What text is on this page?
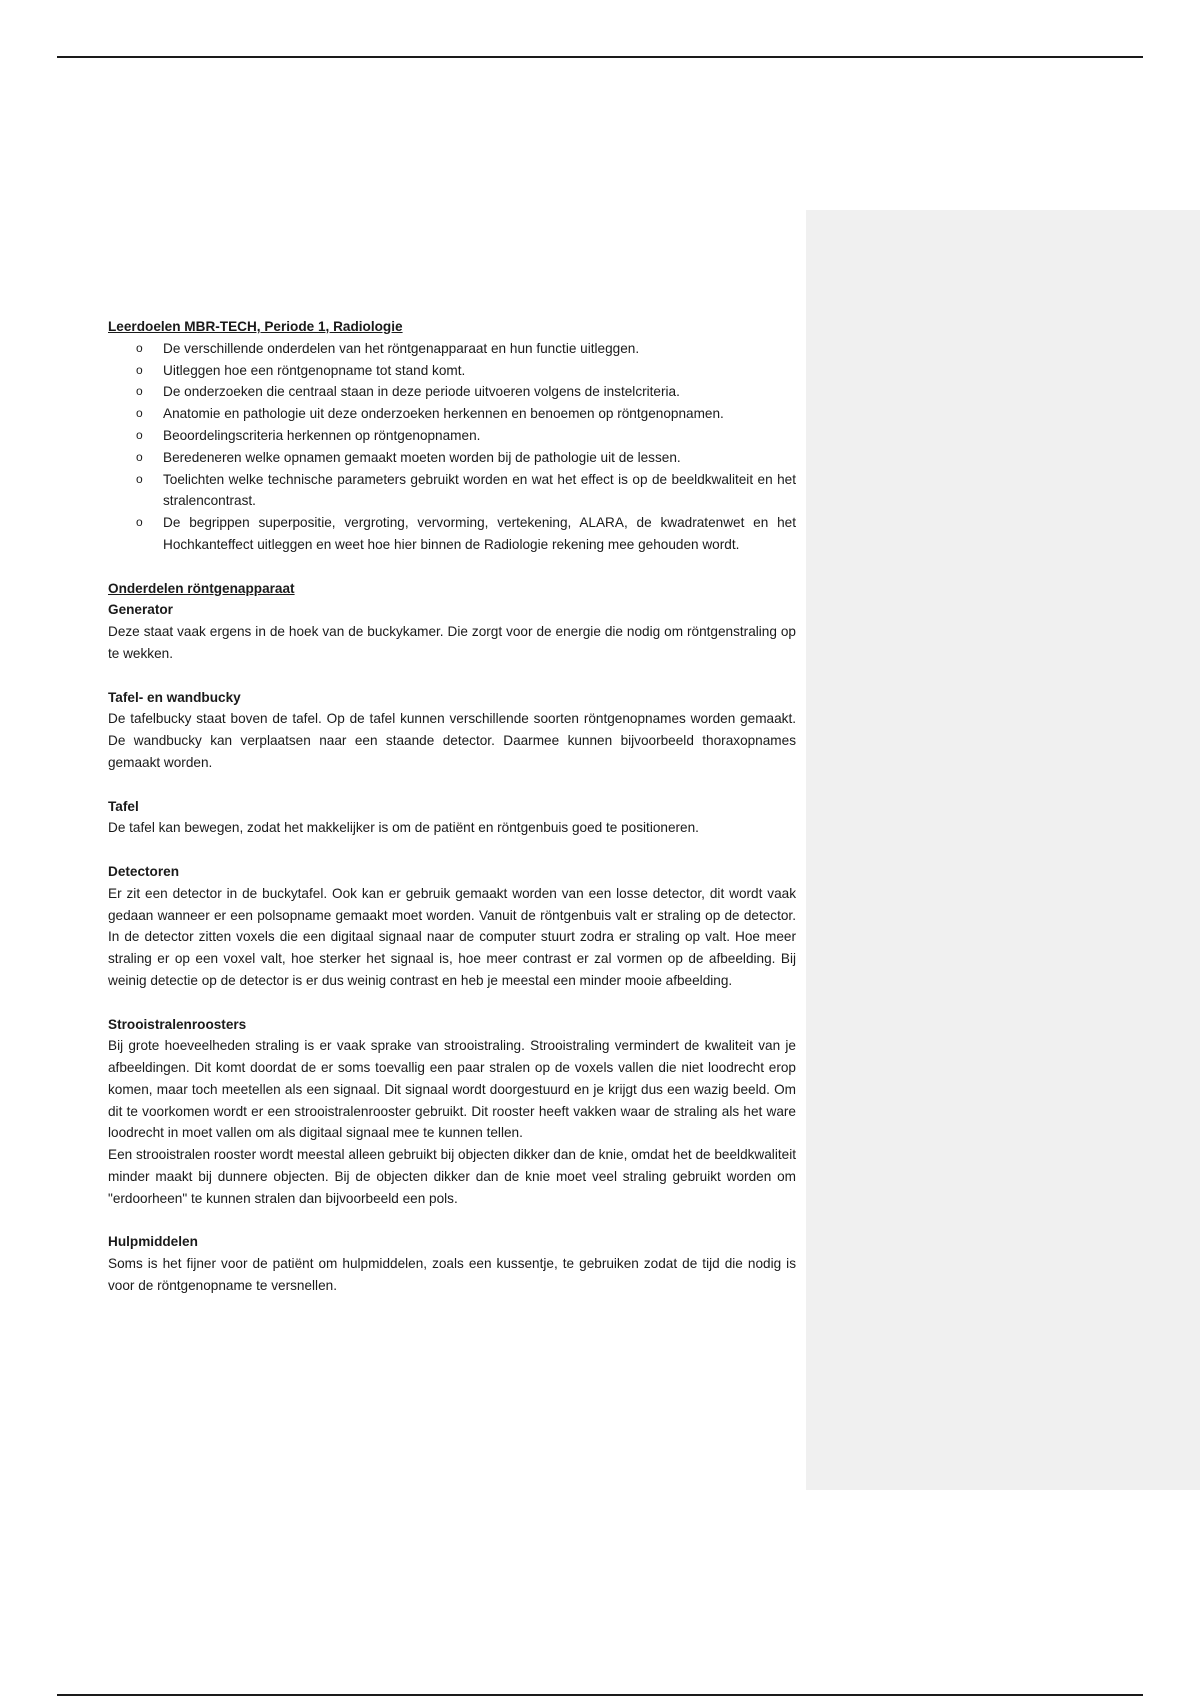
Leerdoelen MBR-TECH, Periode 1, Radiologie

o De verschillende onderdelen van het röntgenapparaat en hun functie uitleggen.
o Uitleggen hoe een röntgenopname tot stand komt.
o De onderzoeken die centraal staan in deze periode uitvoeren volgens de instelcriteria.
o Anatomie en pathologie uit deze onderzoeken herkennen en benoemen op röntgenopnamen.
o Beoordelingscriteria herkennen op röntgenopnamen.
o Beredeneren welke opnamen gemaakt moeten worden bij de pathologie uit de lessen.
o Toelichten welke technische parameters gebruikt worden en wat het effect is op de beeldkwaliteit en het stralencontrast.
o De begrippen superpositie, vergroting, vervorming, vertekening, ALARA, de kwadratenwet en het Hochkanteffect uitleggen en weet hoe hier binnen de Radiologie rekening mee gehouden wordt.

Onderdelen röntgenapparaat

Generator

Deze staat vaak ergens in de hoek van de buckykamer. Die zorgt voor de energie die nodig om röntgenstraling op te wekken.

Tafel- en wandbucky

De tafelbucky staat boven de tafel. Op de tafel kunnen verschillende soorten röntgenopnames worden gemaakt. De wandbucky kan verplaatsen naar een staande detector. Daarmee kunnen bijvoorbeeld thoraxopnames gemaakt worden.

Tafel

De tafel kan bewegen, zodat het makkelijker is om de patiënt en röntgenbuis goed te positioneren.

Detectoren

Er zit een detector in de buckytafel. Ook kan er gebruik gemaakt worden van een losse detector, dit wordt vaak gedaan wanneer er een polsopname gemaakt moet worden. Vanuit de röntgenbuis valt er straling op de detector. In de detector zitten voxels die een digitaal signaal naar de computer stuurt zodra er straling op valt. Hoe meer straling er op een voxel valt, hoe sterker het signaal is, hoe meer contrast er zal vormen op de afbeelding. Bij weinig detectie op de detector is er dus weinig contrast en heb je meestal een minder mooie afbeelding.

Strooistralenroosters

Bij grote hoeveelheden straling is er vaak sprake van strooistraling. Strooistraling vermindert de kwaliteit van je afbeeldingen. Dit komt doordat de er soms toevallig een paar stralen op de voxels vallen die niet loodrecht erop komen, maar toch meetellen als een signaal. Dit signaal wordt doorgestuurd en je krijgt dus een wazig beeld. Om dit te voorkomen wordt er een strooistralenrooster gebruikt. Dit rooster heeft vakken waar de straling als het ware loodrecht in moet vallen om als digitaal signaal mee te kunnen tellen.

Een strooistralen rooster wordt meestal alleen gebruikt bij objecten dikker dan de knie, omdat het de beeldkwaliteit minder maakt bij dunnere objecten. Bij de objecten dikker dan de knie moet veel straling gebruikt worden om "erdoorheen" te kunnen stralen dan bijvoorbeeld een pols.

Hulpmiddelen

Soms is het fijner voor de patiënt om hulpmiddelen, zoals een kussentje, te gebruiken zodat de tijd die nodig is voor de röntgenopname te versnellen.
